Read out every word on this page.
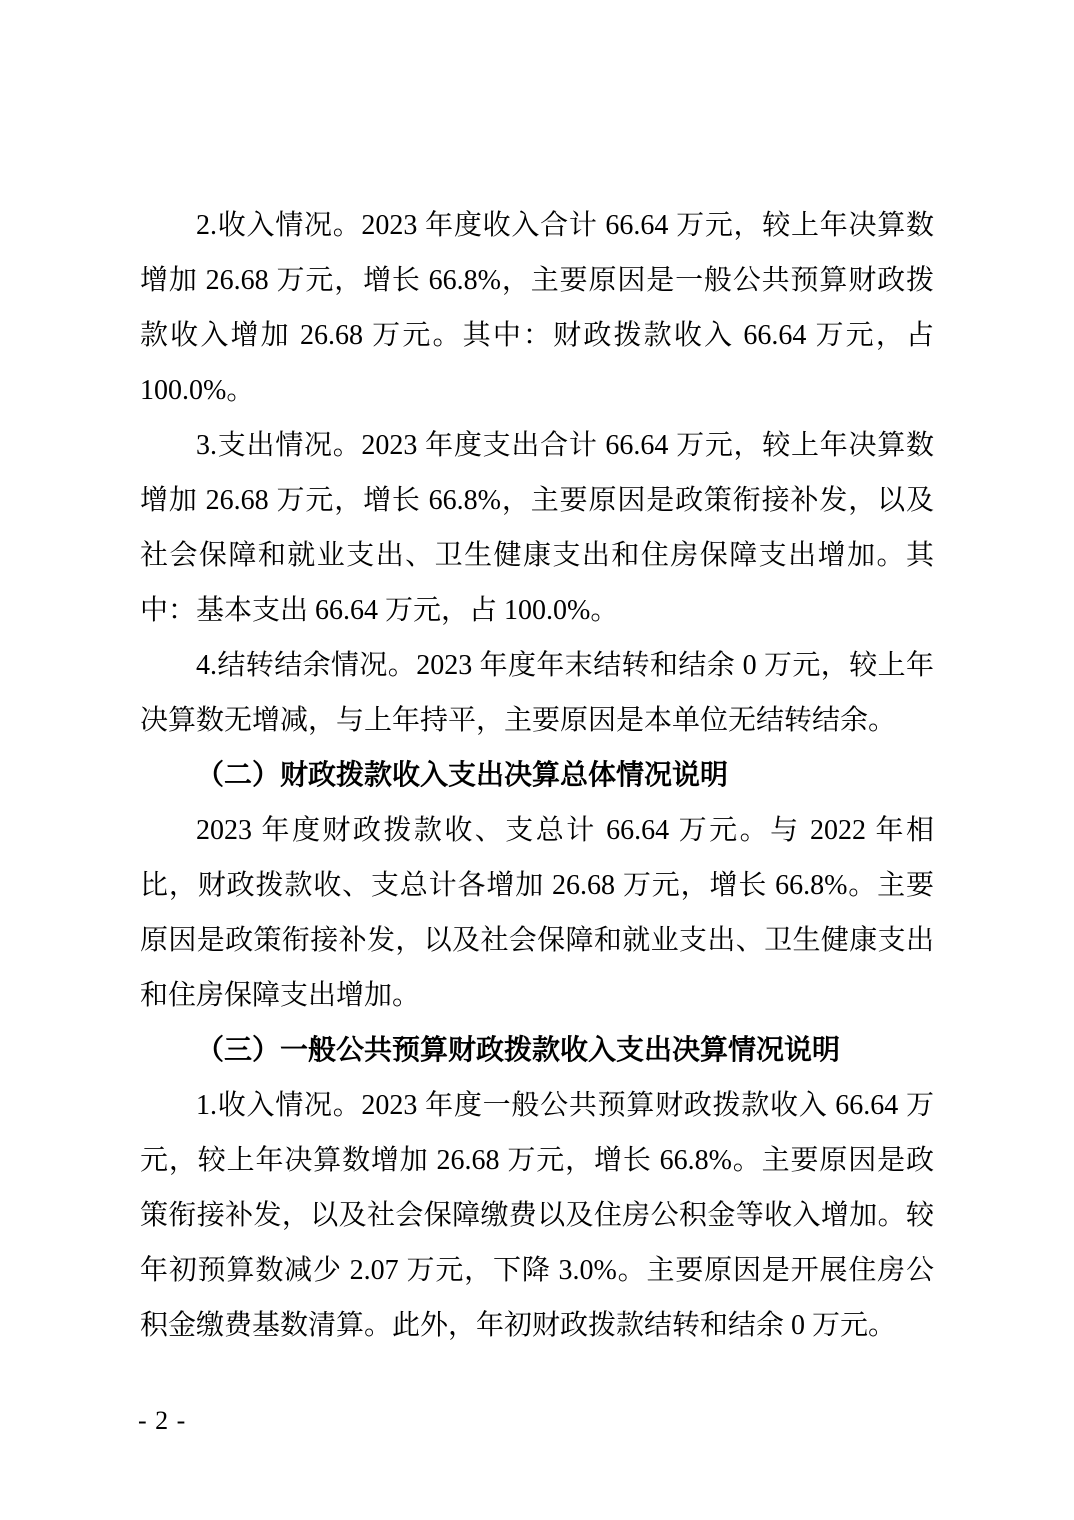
2.收入情况。2023 年度收入合计 66.64 万元，较上年决算数增加 26.68 万元，增长 66.8%，主要原因是一般公共预算财政拨款收入增加 26.68 万元。其中：财政拨款收入 66.64 万元，占 100.0%。

3.支出情况。2023 年度支出合计 66.64 万元，较上年决算数增加 26.68 万元，增长 66.8%，主要原因是政策衔接补发，以及社会保障和就业支出、卫生健康支出和住房保障支出增加。其中：基本支出 66.64 万元，占 100.0%。

4.结转结余情况。2023 年度年末结转和结余 0 万元，较上年决算数无增减，与上年持平，主要原因是本单位无结转结余。

（二）财政拨款收入支出决算总体情况说明

2023 年度财政拨款收、支总计 66.64 万元。与 2022 年相比，财政拨款收、支总计各增加 26.68 万元，增长 66.8%。主要原因是政策衔接补发，以及社会保障和就业支出、卫生健康支出和住房保障支出增加。

（三）一般公共预算财政拨款收入支出决算情况说明

1.收入情况。2023 年度一般公共预算财政拨款收入 66.64 万元，较上年决算数增加 26.68 万元，增长 66.8%。主要原因是政策衔接补发，以及社会保障缴费以及住房公积金等收入增加。较年初预算数减少 2.07 万元，下降 3.0%。主要原因是开展住房公积金缴费基数清算。此外，年初财政拨款结转和结余 0 万元。

- 2 -
